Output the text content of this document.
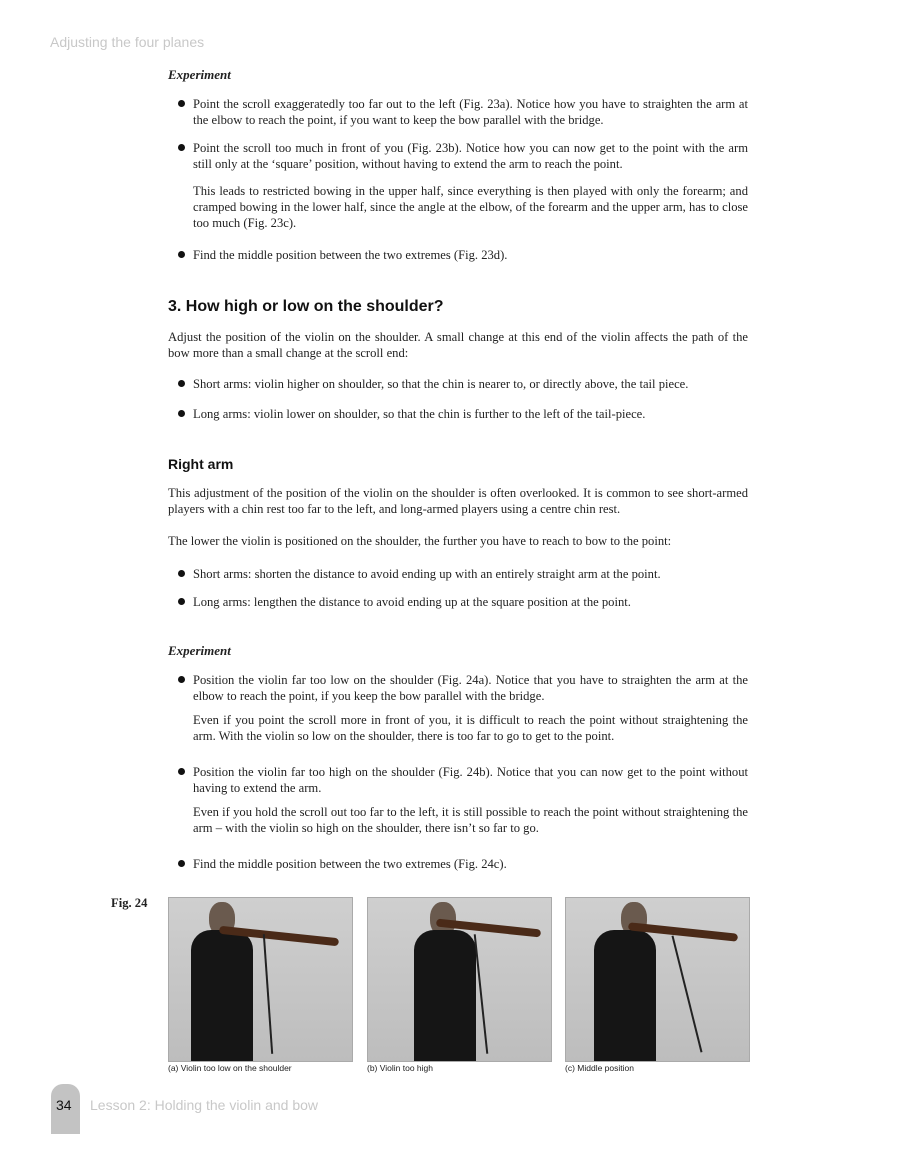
Adjusting the four planes
Experiment
Point the scroll exaggeratedly too far out to the left (Fig. 23a). Notice how you have to straighten the arm at the elbow to reach the point, if you want to keep the bow parallel with the bridge.
Point the scroll too much in front of you (Fig. 23b). Notice how you can now get to the point with the arm still only at the ‘square’ position, without having to extend the arm to reach the point.
This leads to restricted bowing in the upper half, since everything is then played with only the forearm; and cramped bowing in the lower half, since the angle at the elbow, of the forearm and the upper arm, has to close too much (Fig. 23c).
Find the middle position between the two extremes (Fig. 23d).
3. How high or low on the shoulder?
Adjust the position of the violin on the shoulder. A small change at this end of the violin affects the path of the bow more than a small change at the scroll end:
Short arms: violin higher on shoulder, so that the chin is nearer to, or directly above, the tail piece.
Long arms: violin lower on shoulder, so that the chin is further to the left of the tail-piece.
Right arm
This adjustment of the position of the violin on the shoulder is often overlooked. It is common to see short-armed players with a chin rest too far to the left, and long-armed players using a centre chin rest.
The lower the violin is positioned on the shoulder, the further you have to reach to bow to the point:
Short arms: shorten the distance to avoid ending up with an entirely straight arm at the point.
Long arms: lengthen the distance to avoid ending up at the square position at the point.
Experiment
Position the violin far too low on the shoulder (Fig. 24a). Notice that you have to straighten the arm at the elbow to reach the point, if you keep the bow parallel with the bridge.
Even if you point the scroll more in front of you, it is difficult to reach the point without straightening the arm. With the violin so low on the shoulder, there is too far to go to get to the point.
Position the violin far too high on the shoulder (Fig. 24b). Notice that you can now get to the point without having to extend the arm.
Even if you hold the scroll out too far to the left, it is still possible to reach the point without straightening the arm – with the violin so high on the shoulder, there isn’t so far to go.
Find the middle position between the two extremes (Fig. 24c).
Fig. 24
(a) Violin too low on the shoulder	(b) Violin too high	(c) Middle position
34 Lesson 2: Holding the violin and bow
